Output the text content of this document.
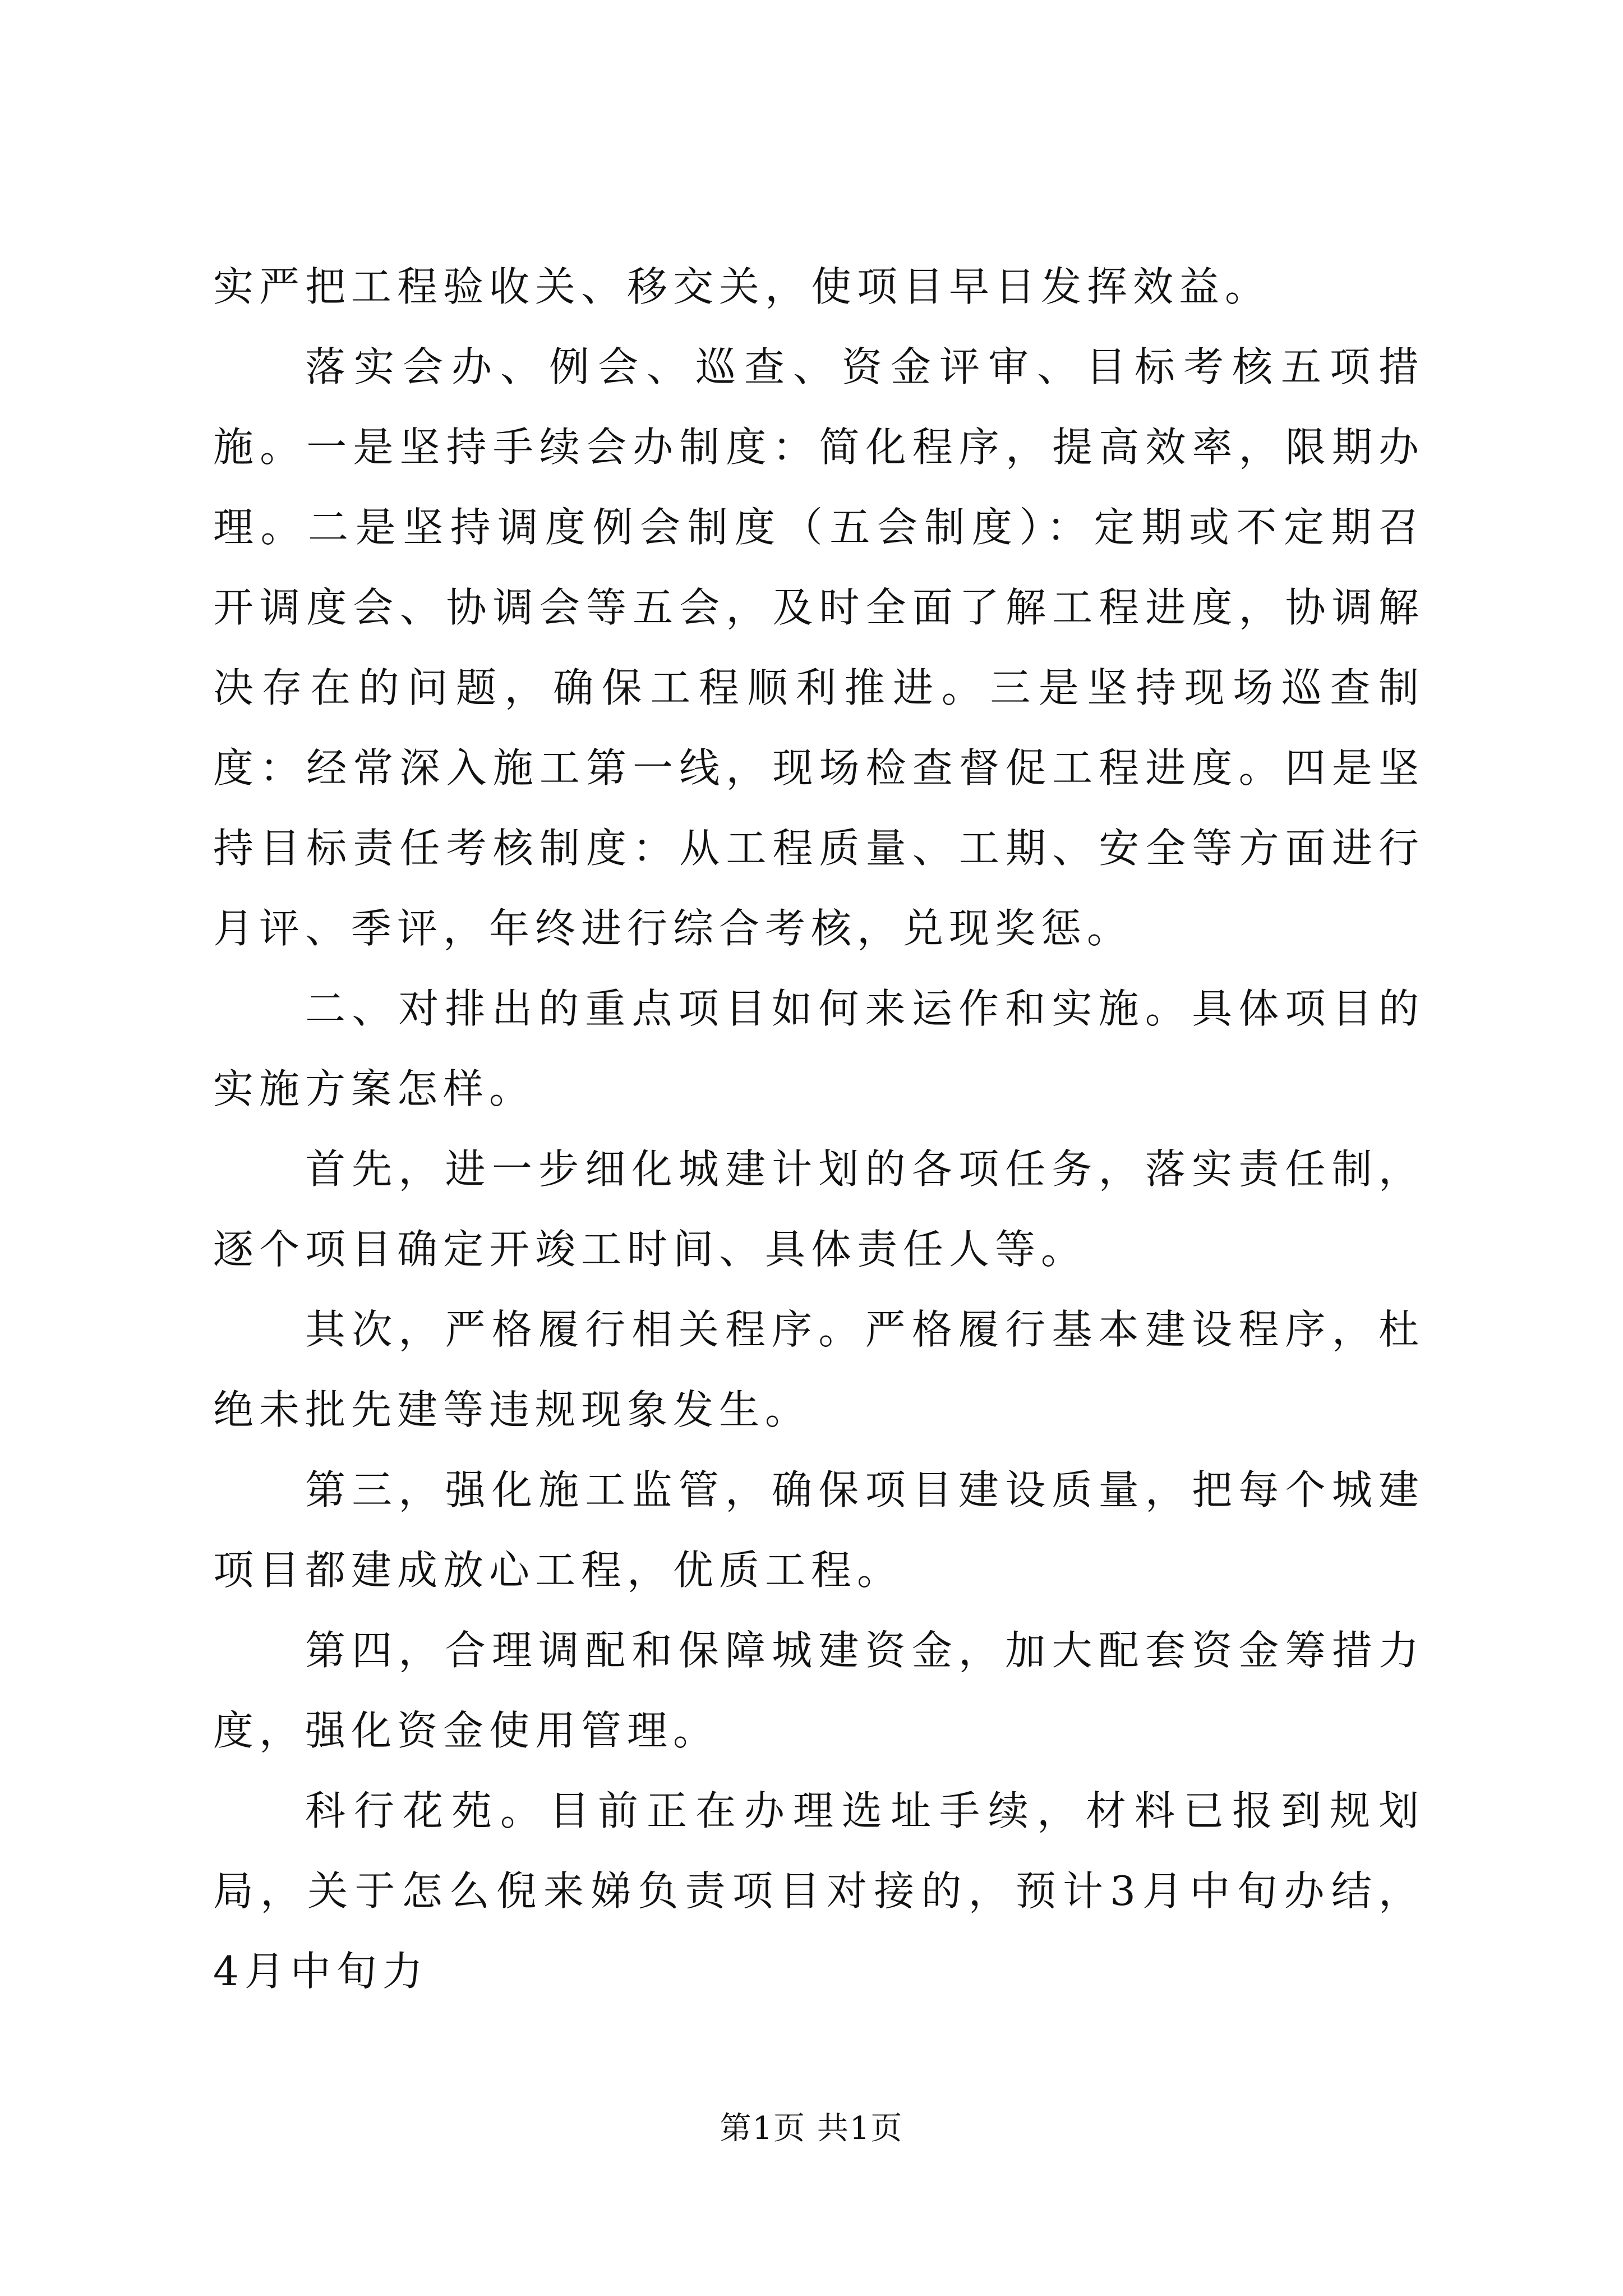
实严把工程验收关、移交关，使项目早日发挥效益。

落实会办、例会、巡查、资金评审、目标考核五项措施。一是坚持手续会办制度：简化程序，提高效率，限期办理。二是坚持调度例会制度（五会制度）：定期或不定期召开调度会、协调会等五会，及时全面了解工程进度，协调解决存在的问题，确保工程顺利推进。三是坚持现场巡查制度：经常深入施工第一线，现场检查督促工程进度。四是坚持目标责任考核制度：从工程质量、工期、安全等方面进行月评、季评，年终进行综合考核，兑现奖惩。

二、对排出的重点项目如何来运作和实施。具体项目的实施方案怎样。

首先，进一步细化城建计划的各项任务，落实责任制，逐个项目确定开竣工时间、具体责任人等。

其次，严格履行相关程序。严格履行基本建设程序，杜绝未批先建等违规现象发生。

第三，强化施工监管，确保项目建设质量，把每个城建项目都建成放心工程，优质工程。

第四，合理调配和保障城建资金，加大配套资金筹措力度，强化资金使用管理。

科行花苑。目前正在办理选址手续，材料已报到规划局，关于怎么倪来娣负责项目对接的，预计3月中旬办结，4月中旬力

第1页 共1页
